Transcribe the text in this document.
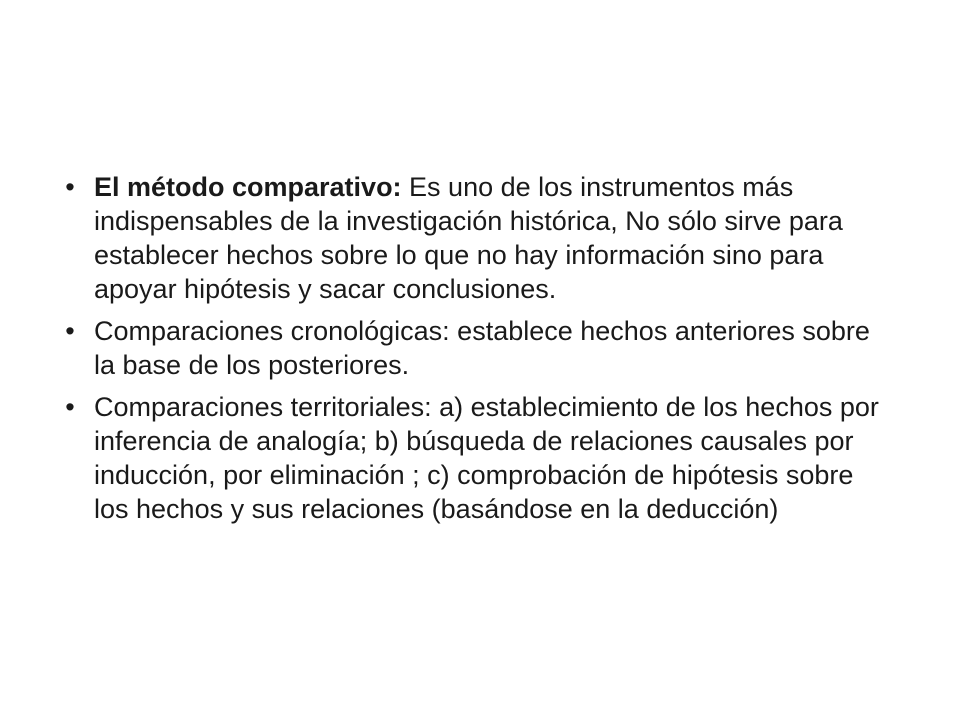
• El método comparativo: Es uno de los instrumentos más indispensables de la investigación histórica, No sólo sirve para establecer hechos sobre lo que no hay información sino para apoyar hipótesis y sacar conclusiones.
• Comparaciones cronológicas: establece hechos anteriores sobre la base de los posteriores.
• Comparaciones territoriales: a) establecimiento de los hechos por inferencia de analogía; b) búsqueda de relaciones causales por inducción, por eliminación ; c) comprobación de hipótesis sobre los hechos y sus relaciones (basándose en la deducción)
